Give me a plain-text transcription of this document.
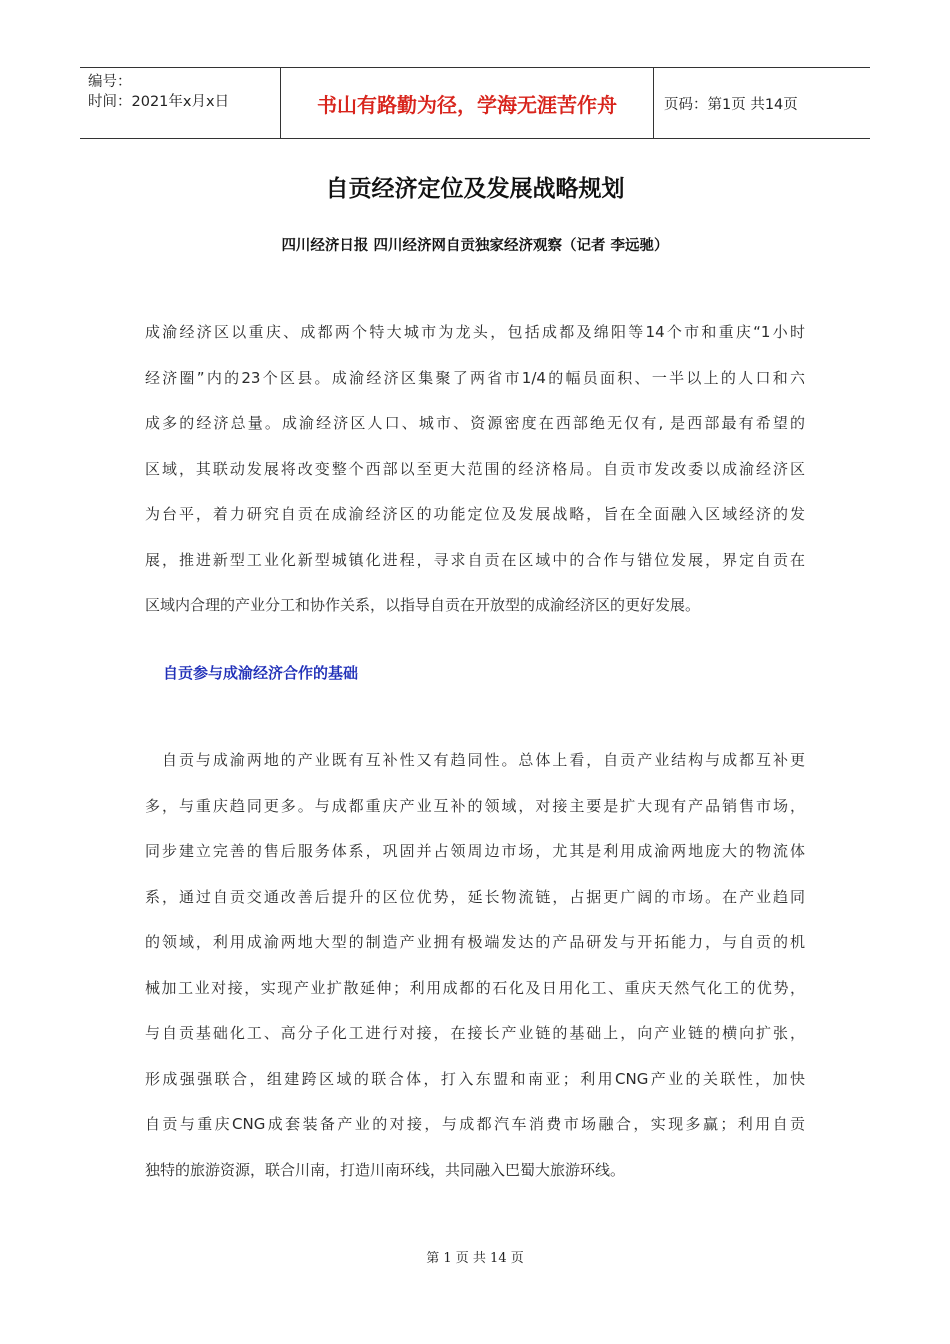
编号：
时间：2021年x月x日	书山有路勤为径，学海无涯苦作舟	页码：第1页 共14页
自贡经济定位及发展战略规划
四川经济日报 四川经济网自贡独家经济观察（记者 李远驰）
成渝经济区以重庆、成都两个特大城市为龙头，包括成都及绵阳等14个市和重庆“1小时
经济圈”内的23个区县。成渝经济区集聚了两省市1/4的幅员面积、一半以上的人口和六
成多的经济总量。成渝经济区人口、城市、资源密度在西部绝无仅有, 是西部最有希望的
区域，其联动发展将改变整个西部以至更大范围的经济格局。自贡市发改委以成渝经济区
为台平，着力研究自贡在成渝经济区的功能定位及发展战略，旨在全面融入区域经济的发
展，推进新型工业化新型城镇化进程，寻求自贡在区域中的合作与错位发展，界定自贡在
区域内合理的产业分工和协作关系，以指导自贡在开放型的成渝经济区的更好发展。
自贡参与成渝经济合作的基础
　自贡与成渝两地的产业既有互补性又有趋同性。总体上看，自贡产业结构与成都互补更
多，与重庆趋同更多。与成都重庆产业互补的领域，对接主要是扩大现有产品销售市场，
同步建立完善的售后服务体系，巩固并占领周边市场，尤其是利用成渝两地庞大的物流体
系，通过自贡交通改善后提升的区位优势，延长物流链，占据更广阔的市场。在产业趋同
的领域，利用成渝两地大型的制造产业拥有极端发达的产品研发与开拓能力，与自贡的机
械加工业对接，实现产业扩散延伸；利用成都的石化及日用化工、重庆天然气化工的优势，
与自贡基础化工、高分子化工进行对接，在接长产业链的基础上，向产业链的横向扩张，
形成强强联合，组建跨区域的联合体，打入东盟和南亚；利用CNG产业的关联性，加快
自贡与重庆CNG成套装备产业的对接，与成都汽车消费市场融合，实现多赢；利用自贡
独特的旅游资源，联合川南，打造川南环线，共同融入巴蜀大旅游环线。
第 1 页 共 14 页
